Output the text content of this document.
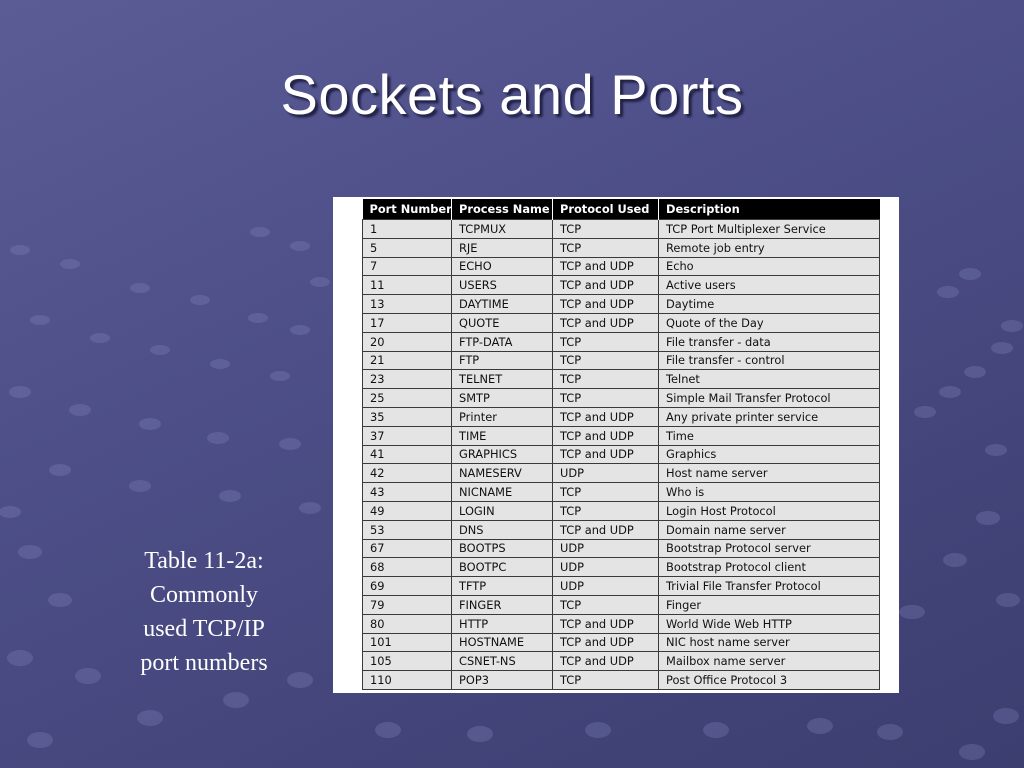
Sockets and Ports
Table 11-2a:
Commonly
used TCP/IP
port numbers
Port Number	Process Name	Protocol Used	Description
1	TCPMUX	TCP	TCP Port Multiplexer Service
5	RJE	TCP	Remote job entry
7	ECHO	TCP and UDP	Echo
11	USERS	TCP and UDP	Active users
13	DAYTIME	TCP and UDP	Daytime
17	QUOTE	TCP and UDP	Quote of the Day
20	FTP-DATA	TCP	File transfer - data
21	FTP	TCP	File transfer - control
23	TELNET	TCP	Telnet
25	SMTP	TCP	Simple Mail Transfer Protocol
35	Printer	TCP and UDP	Any private printer service
37	TIME	TCP and UDP	Time
41	GRAPHICS	TCP and UDP	Graphics
42	NAMESERV	UDP	Host name server
43	NICNAME	TCP	Who is
49	LOGIN	TCP	Login Host Protocol
53	DNS	TCP and UDP	Domain name server
67	BOOTPS	UDP	Bootstrap Protocol server
68	BOOTPC	UDP	Bootstrap Protocol client
69	TFTP	UDP	Trivial File Transfer Protocol
79	FINGER	TCP	Finger
80	HTTP	TCP and UDP	World Wide Web HTTP
101	HOSTNAME	TCP and UDP	NIC host name server
105	CSNET-NS	TCP and UDP	Mailbox name server
110	POP3	TCP	Post Office Protocol 3
